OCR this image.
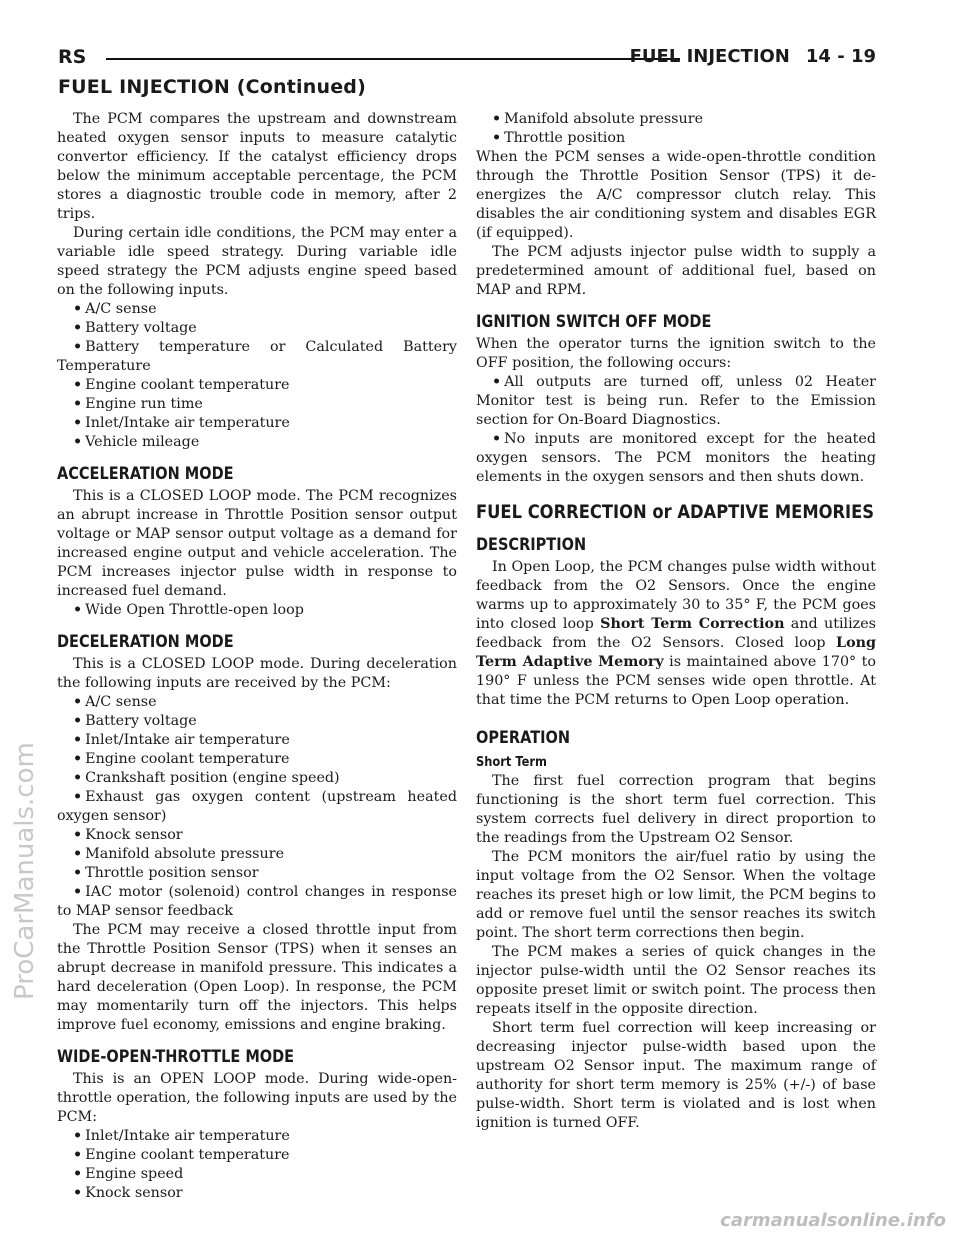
RS	FUEL INJECTION 14 - 19
FUEL INJECTION (Continued)

The PCM compares the upstream and downstream heated oxygen sensor inputs to measure catalytic convertor efficiency. If the catalyst efficiency drops below the minimum acceptable percentage, the PCM stores a diagnostic trouble code in memory, after 2 trips.

During certain idle conditions, the PCM may enter a variable idle speed strategy. During variable idle speed strategy the PCM adjusts engine speed based on the following inputs.

• A/C sense

• Battery voltage

• Battery temperature or Calculated Battery Temperature

• Engine coolant temperature

• Engine run time

• Inlet/Intake air temperature

• Vehicle mileage

ACCELERATION MODE

This is a CLOSED LOOP mode. The PCM recognizes an abrupt increase in Throttle Position sensor output voltage or MAP sensor output voltage as a demand for increased engine output and vehicle acceleration. The PCM increases injector pulse width in response to increased fuel demand.

• Wide Open Throttle-open loop

DECELERATION MODE

This is a CLOSED LOOP mode. During deceleration the following inputs are received by the PCM:

• A/C sense

• Battery voltage

• Inlet/Intake air temperature

• Engine coolant temperature

• Crankshaft position (engine speed)

• Exhaust gas oxygen content (upstream heated oxygen sensor)

• Knock sensor

• Manifold absolute pressure

• Throttle position sensor

• IAC motor (solenoid) control changes in response to MAP sensor feedback

The PCM may receive a closed throttle input from the Throttle Position Sensor (TPS) when it senses an abrupt decrease in manifold pressure. This indicates a hard deceleration (Open Loop). In response, the PCM may momentarily turn off the injectors. This helps improve fuel economy, emissions and engine braking.

WIDE-OPEN-THROTTLE MODE

This is an OPEN LOOP mode. During wide-open-throttle operation, the following inputs are used by the PCM:

• Inlet/Intake air temperature

• Engine coolant temperature

• Engine speed

• Knock sensor

• Manifold absolute pressure

• Throttle position

When the PCM senses a wide-open-throttle condition through the Throttle Position Sensor (TPS) it de-energizes the A/C compressor clutch relay. This disables the air conditioning system and disables EGR (if equipped).

The PCM adjusts injector pulse width to supply a predetermined amount of additional fuel, based on MAP and RPM.

IGNITION SWITCH OFF MODE

When the operator turns the ignition switch to the OFF position, the following occurs:

• All outputs are turned off, unless 02 Heater Monitor test is being run. Refer to the Emission section for On-Board Diagnostics.

• No inputs are monitored except for the heated oxygen sensors. The PCM monitors the heating elements in the oxygen sensors and then shuts down.

FUEL CORRECTION or ADAPTIVE MEMORIES
DESCRIPTION

In Open Loop, the PCM changes pulse width without feedback from the O2 Sensors. Once the engine warms up to approximately 30 to 35° F, the PCM goes into closed loop Short Term Correction and utilizes feedback from the O2 Sensors. Closed loop Long Term Adaptive Memory is maintained above 170° to 190° F unless the PCM senses wide open throttle. At that time the PCM returns to Open Loop operation.

OPERATION
Short Term

The first fuel correction program that begins functioning is the short term fuel correction. This system corrects fuel delivery in direct proportion to the readings from the Upstream O2 Sensor.

The PCM monitors the air/fuel ratio by using the input voltage from the O2 Sensor. When the voltage reaches its preset high or low limit, the PCM begins to add or remove fuel until the sensor reaches its switch point. The short term corrections then begin.

The PCM makes a series of quick changes in the injector pulse-width until the O2 Sensor reaches its opposite preset limit or switch point. The process then repeats itself in the opposite direction.

Short term fuel correction will keep increasing or decreasing injector pulse-width based upon the upstream O2 Sensor input. The maximum range of authority for short term memory is 25% (+/-) of base pulse-width. Short term is violated and is lost when ignition is turned OFF.

ProCarManuals.com
carmanualsonline.info
